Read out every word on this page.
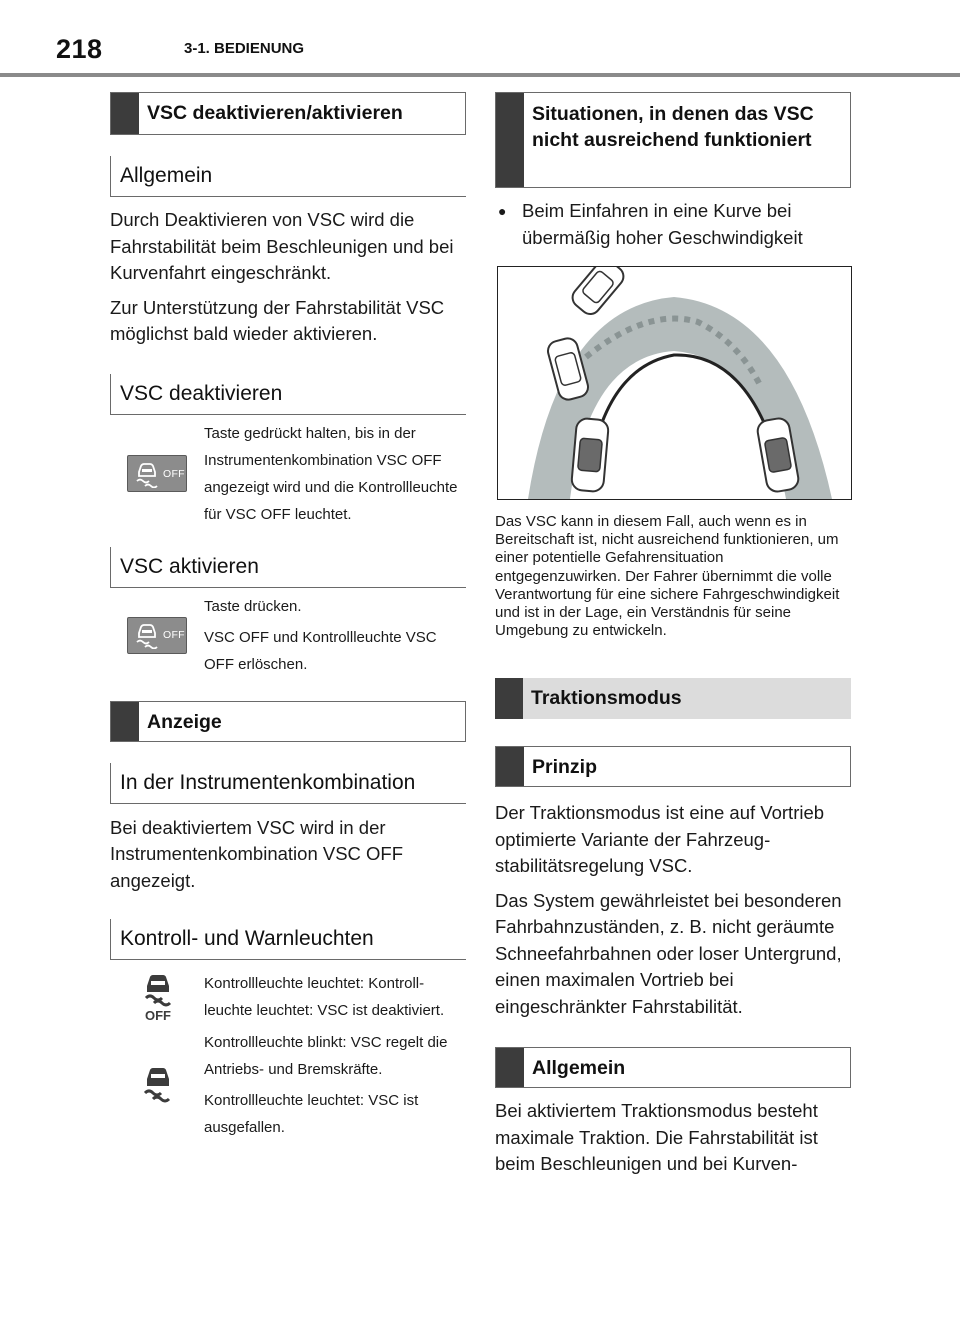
218	3-1. BEDIENUNG
VSC deaktivieren/aktivieren
Allgemein

Durch Deaktivieren von VSC wird die Fahrstabilität beim Beschleunigen und bei Kurvenfahrt eingeschränkt.

Zur Unterstützung der Fahrstabilität VSC möglichst bald wieder aktivieren.

VSC deaktivieren
OFF

Taste gedrückt halten, bis in der Instrumentenkombination VSC OFF angezeigt wird und die Kontrollleuchte für VSC OFF leuchtet.

VSC aktivieren
OFF

Taste drücken.

VSC OFF und Kontrollleuchte VSC OFF erlöschen.

Anzeige
In der Instrumentenkombination

Bei deaktiviertem VSC wird in der Instrumentenkombination VSC OFF angezeigt.

Kontroll- und Warnleuchten
OFF

Kontrollleuchte leuchtet: Kontrollleuchte leuchtet: VSC ist deaktiviert.

Kontrollleuchte blinkt: VSC regelt die Antriebs- und Bremskräfte.

Kontrollleuchte leuchtet: VSC ist ausgefallen.

Situationen, in denen das VSC nicht ausreichend funktioniert
● Beim Einfahren in eine Kurve bei übermäßig hoher Geschwindigkeit

Das VSC kann in diesem Fall, auch wenn es in Bereitschaft ist, nicht ausreichend funktionieren, um einer potentielle Gefahrensituation entgegenzuwirken. Der Fahrer übernimmt die volle Verantwortung für eine sichere Fahrgeschwindigkeit und ist in der Lage, ein Verständnis für seine Umgebung zu entwickeln.

Traktionsmodus
Prinzip

Der Traktionsmodus ist eine auf Vortrieb optimierte Variante der Fahrzeugstabilitätsregelung VSC.

Das System gewährleistet bei besonderen Fahrbahnzuständen, z. B. nicht geräumte Schneefahrbahnen oder loser Untergrund, einen maximalen Vortrieb bei eingeschränkter Fahrstabilität.

Allgemein

Bei aktiviertem Traktionsmodus besteht maximale Traktion. Die Fahrstabilität ist beim Beschleunigen und bei Kurven-
